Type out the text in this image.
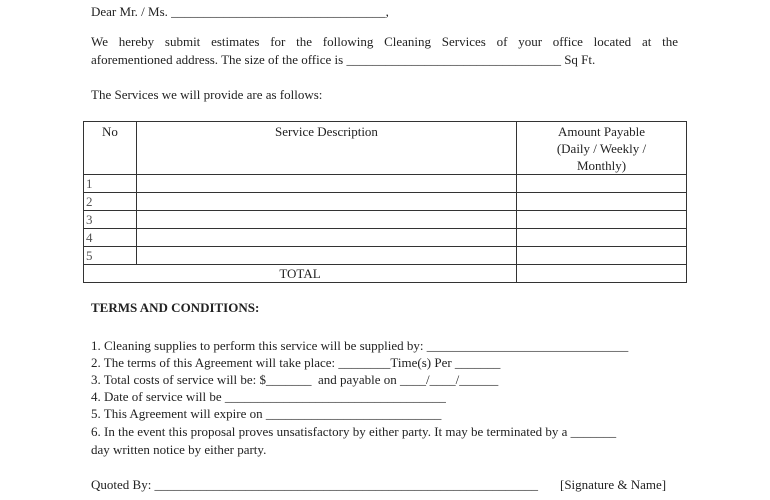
Dear Mr. / Ms. _________________________________,
We hereby submit estimates for the following Cleaning Services of your office located at the
aforementioned address. The size of the office is _________________________________ Sq Ft.
The Services we will provide are as follows:
No	Service Description	Amount Payable
(Daily / Weekly /
Monthly)

1		
2		
3		
4		
5		
TOTAL		
TERMS AND CONDITIONS:
1. Cleaning supplies to perform this service will be supplied by: _______________________________
2. The terms of this Agreement will take place: ________Time(s) Per _______
3. Total costs of service will be: $_______  and payable on ____/____/______
4. Date of service will be __________________________________
5. This Agreement will expire on ___________________________
6. In the event this proposal proves unsatisfactory by either party. It may be terminated by a _______
day written notice by either party.
Quoted By: ___________________________________________________________ [Signature & Name]
